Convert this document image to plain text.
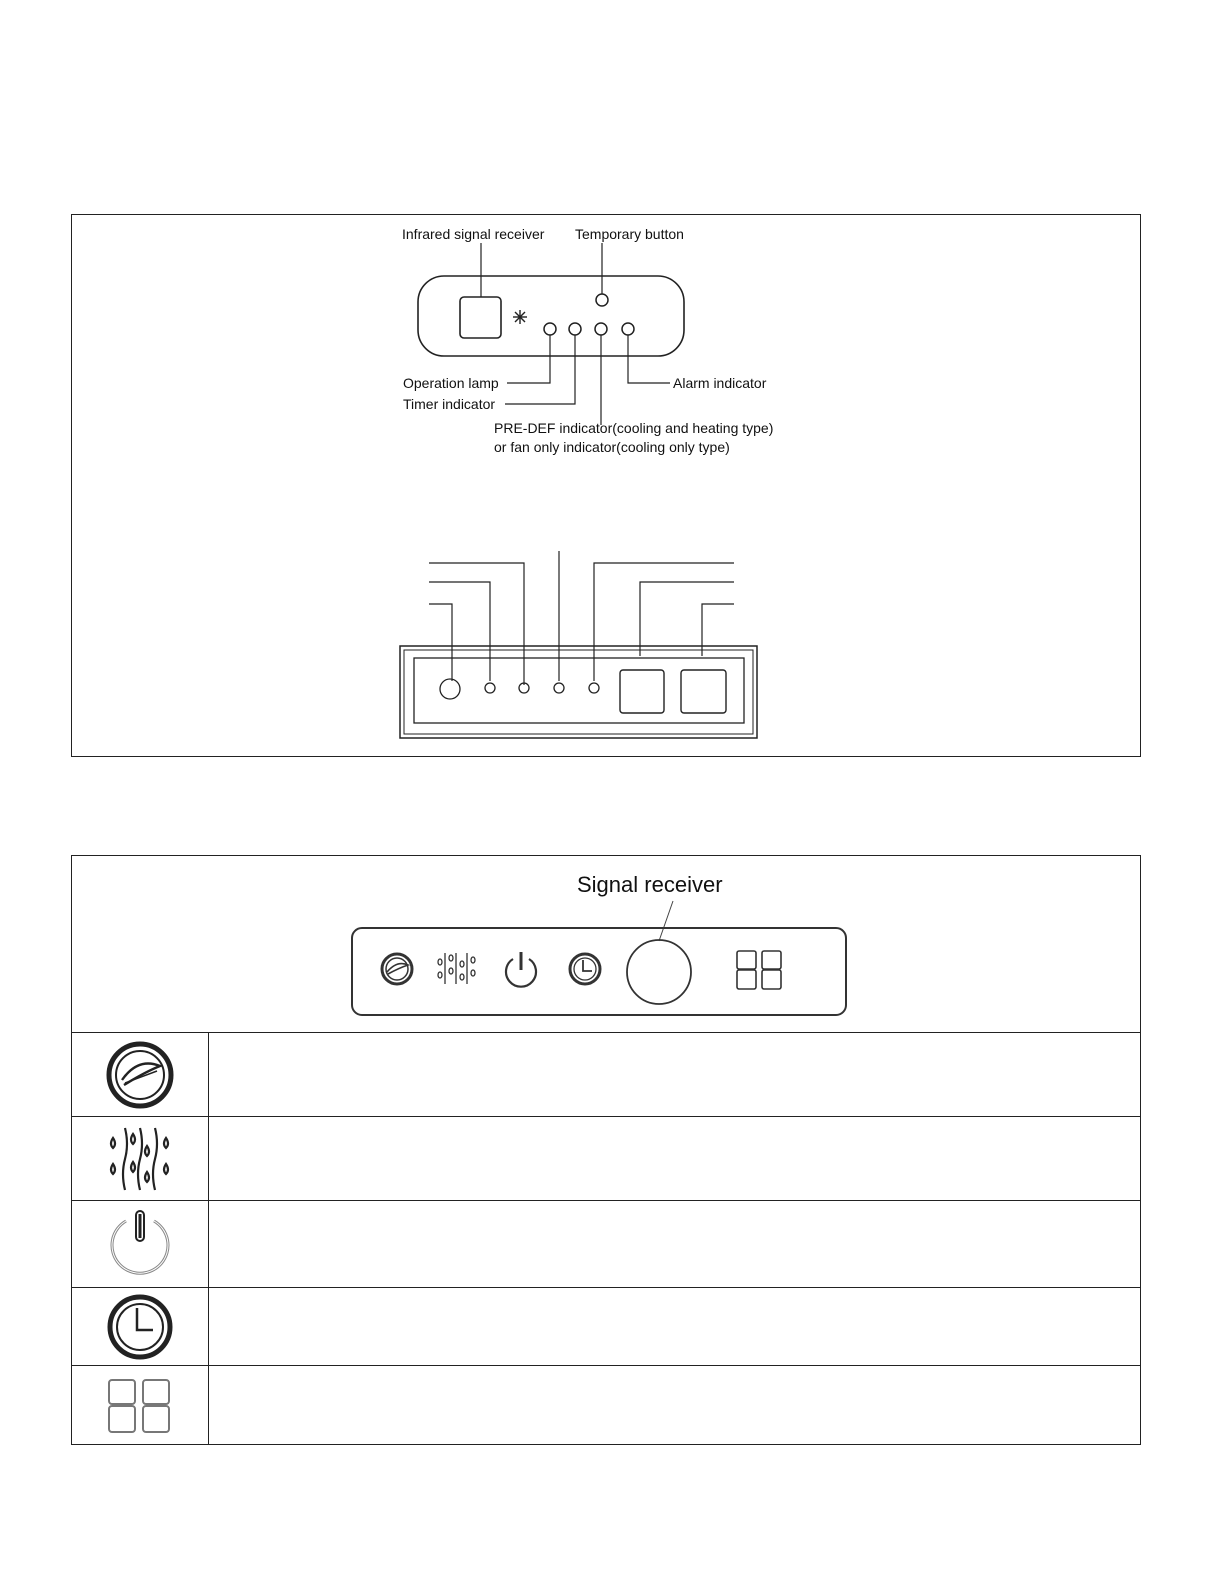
Infrared signal receiver Temporary button
Operation lamp
Timer indicator
Alarm indicator
PRE-DEF indicator(cooling and heating type)
or fan only indicator(cooling only type)
Signal receiver
